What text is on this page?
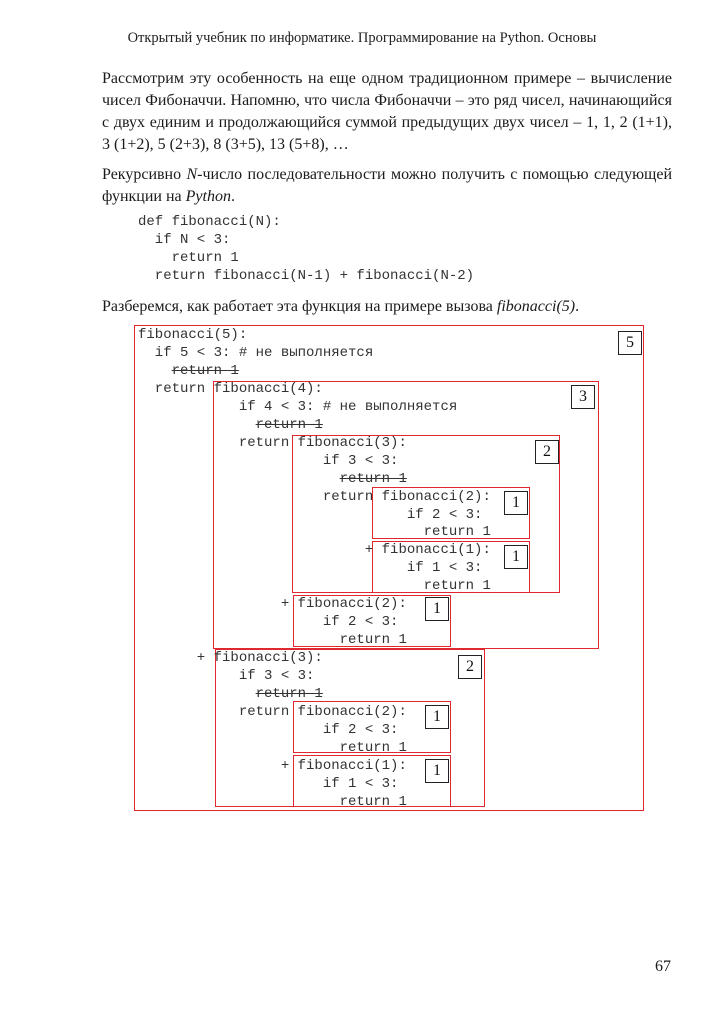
Открытый учебник по информатике. Программирование на Python. Основы

Рассмотрим эту особенность на еще одном традиционном примере – вычисление чисел Фибоначчи. Напомню, что числа Фибоначчи – это ряд чисел, начинающийся с двух единим и продолжающийся суммой предыдущих двух чисел – 1, 1, 2 (1+1), 3 (1+2), 5 (2+3), 8 (3+5), 13 (5+8), …

Рекурсивно N-число последовательности можно получить с помощью следующей функции на Python.

def fibonacci(N):
if N < 3:
return 1
return fibonacci(N-1) + fibonacci(N-2)

Разберемся, как работает эта функция на примере вызова fibonacci(5).

5
3
2
1
1
1
2
1
1
fibonacci(5):
if 5 < 3: # не выполняется
return 1
return fibonacci(4):
if 4 < 3: # не выполняется
return 1
return fibonacci(3):
if 3 < 3:
return 1
return fibonacci(2):
if 2 < 3:
return 1
+ fibonacci(1):
if 1 < 3:
return 1
+ fibonacci(2):
if 2 < 3:
return 1
+ fibonacci(3):
if 3 < 3:
return 1
return fibonacci(2):
if 2 < 3:
return 1
+ fibonacci(1):
if 1 < 3:
return 1
67
